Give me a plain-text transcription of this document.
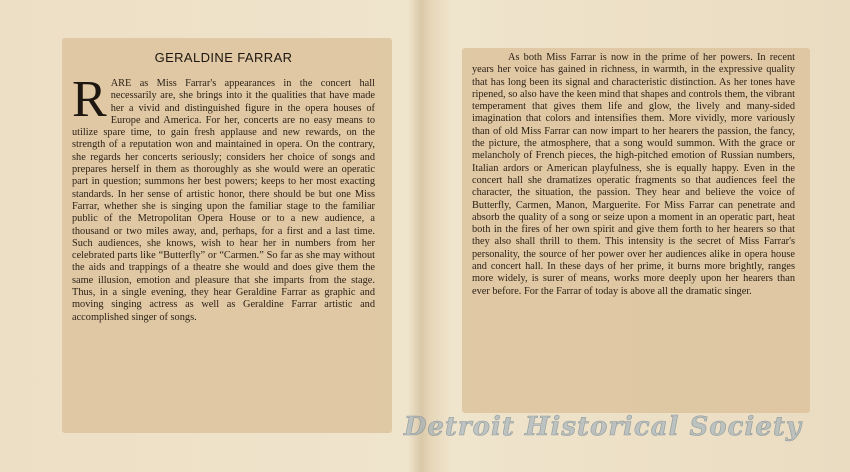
GERALDINE FARRAR
RARE as Miss Farrar's appearances in the concert hall necessarily are, she brings into it the qualities that have made her a vivid and distinguished figure in the opera houses of Europe and America. For her, concerts are no easy means to utilize spare time, to gain fresh applause and new rewards, on the strength of a reputation won and maintained in opera. On the contrary, she regards her concerts seriously; considers her choice of songs and prepares herself in them as thoroughly as she would were an operatic part in question; summons her best powers; keeps to her most exacting standards. In her sense of artistic honor, there should be but one Miss Farrar, whether she is singing upon the familiar stage to the familiar public of the Metropolitan Opera House or to a new audience, a thousand or two miles away, and, perhaps, for a first and a last time. Such audiences, she knows, wish to hear her in numbers from her celebrated parts like “Butterfly” or “Carmen.” So far as she may without the aids and trappings of a theatre she would and does give them the same illusion, emotion and pleasure that she imparts from the stage. Thus, in a single evening, they hear Geraldine Farrar as graphic and moving singing actress as well as Geraldine Farrar artistic and accomplished singer of songs.
As both Miss Farrar is now in the prime of her powers. In recent years her voice has gained in richness, in warmth, in the expressive quality that has long been its signal and characteristic distinction. As her tones have ripened, so also have the keen mind that shapes and controls them, the vibrant temperament that gives them life and glow, the lively and many-sided imagination that colors and intensifies them. More vividly, more variously than of old Miss Farrar can now impart to her hearers the passion, the fancy, the picture, the atmosphere, that a song would summon. With the grace or melancholy of French pieces, the high-pitched emotion of Russian numbers, Italian ardors or American playfulness, she is equally happy. Even in the concert hall she dramatizes operatic fragments so that audiences feel the character, the situation, the passion. They hear and believe the voice of Butterfly, Carmen, Manon, Marguerite. For Miss Farrar can penetrate and absorb the quality of a song or seize upon a moment in an operatic part, heat both in the fires of her own spirit and give them forth to her hearers so that they also shall thrill to them. This intensity is the secret of Miss Farrar's personality, the source of her power over her audiences alike in opera house and concert hall. In these days of her prime, it burns more brightly, ranges more widely, is surer of means, works more deeply upon her hearers than ever before. For the Farrar of today is above all the dramatic singer.
Detroit Historical Society
